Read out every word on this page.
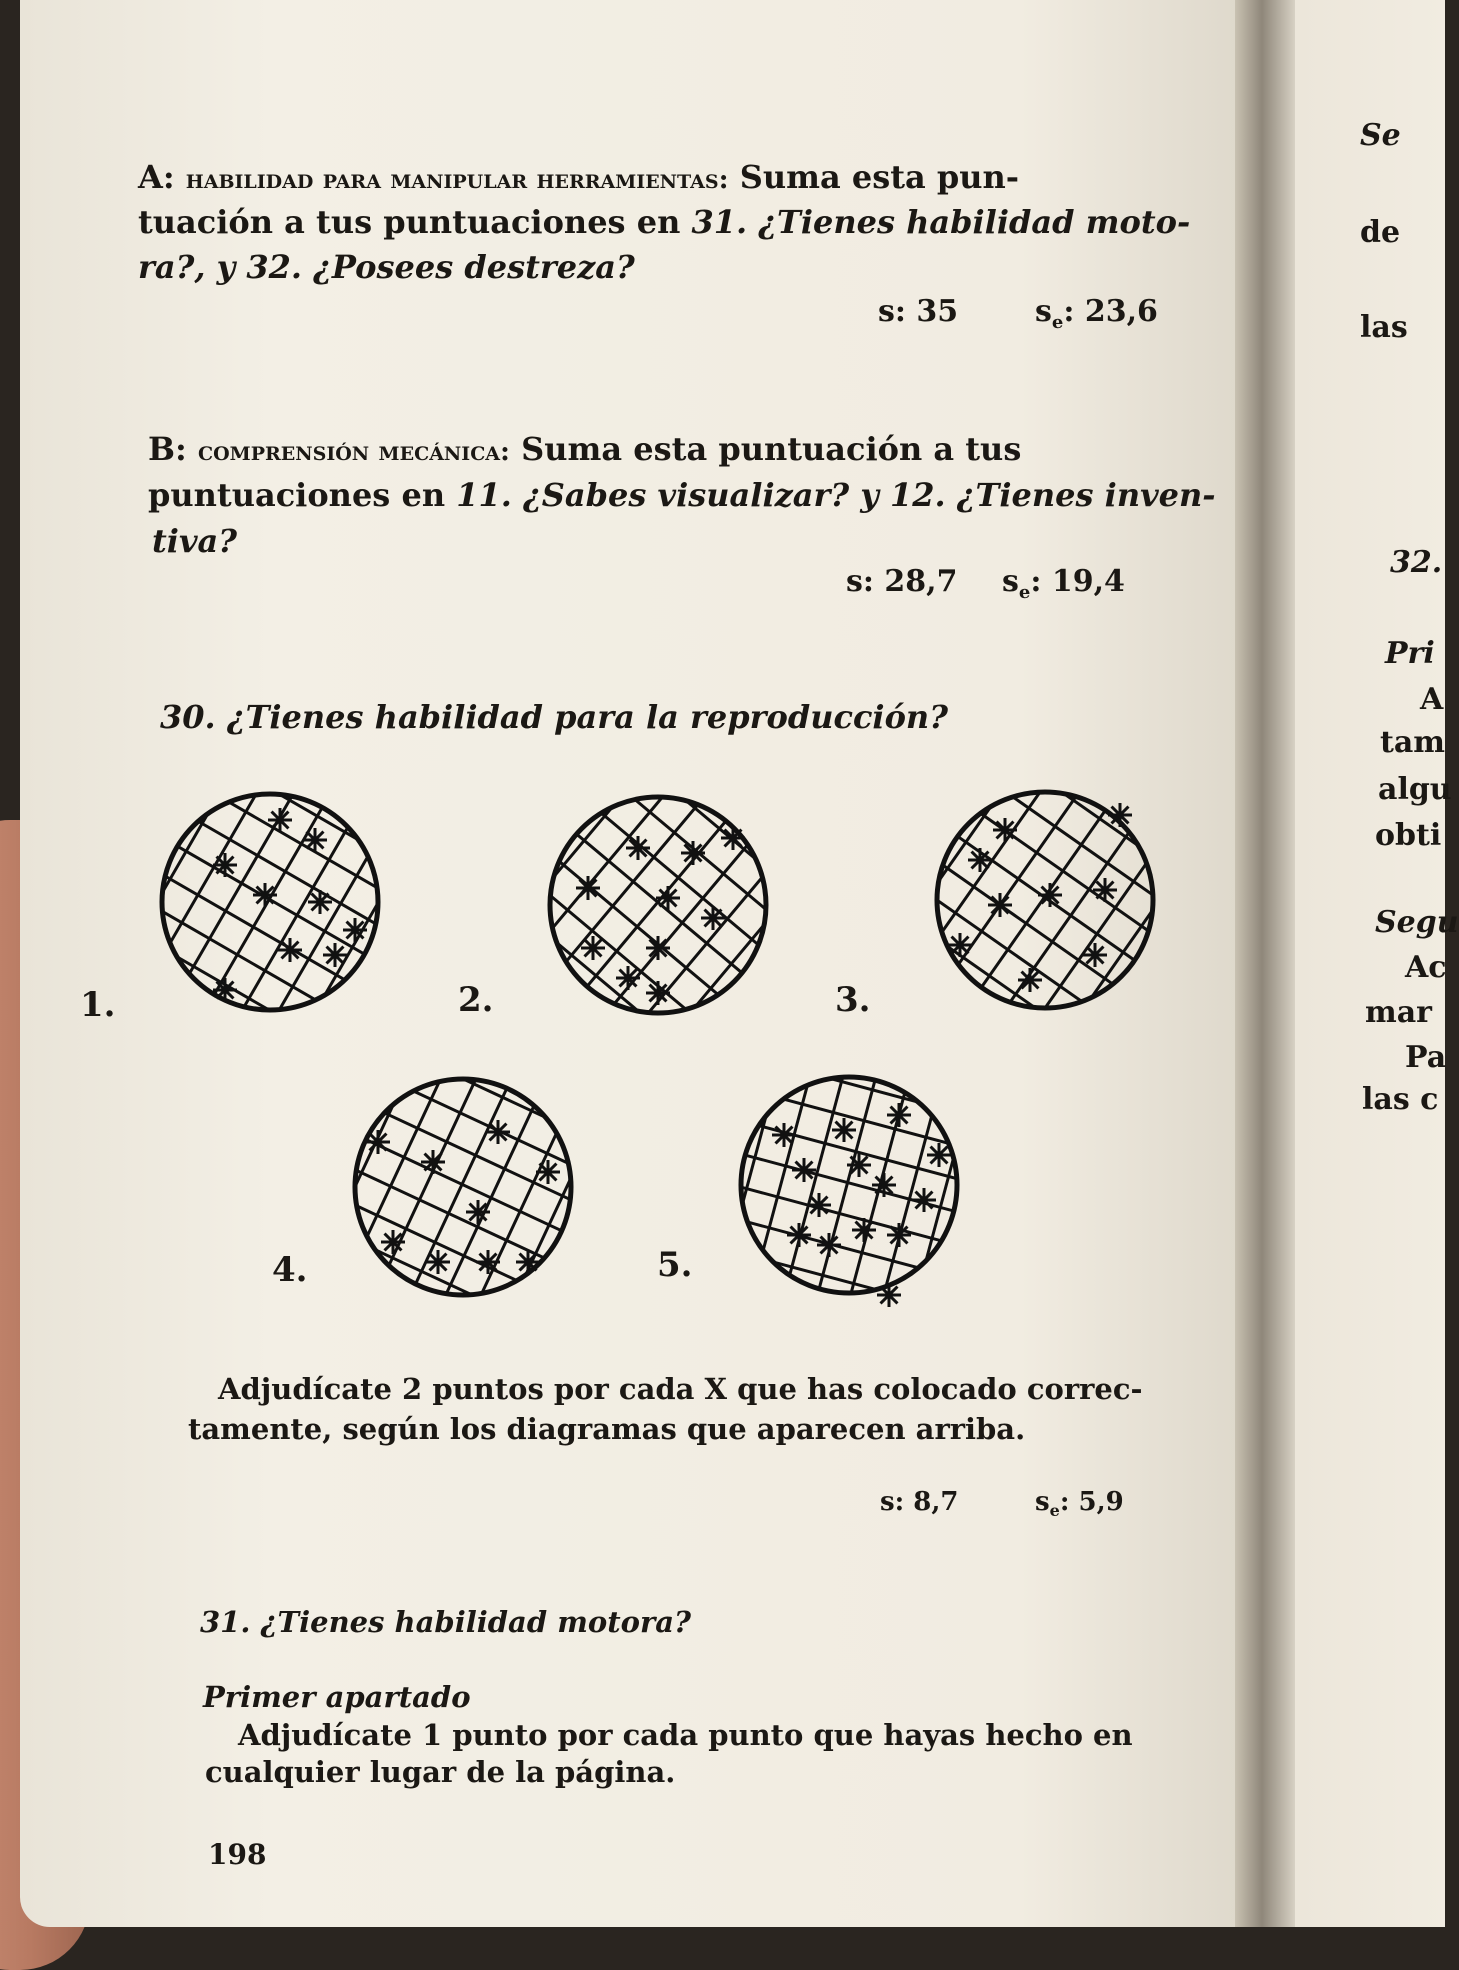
A: habilidad para manipular herramientas: Suma esta pun-
tuación a tus puntuaciones en 31. ¿Tienes habilidad moto-
ra?, y 32. ¿Posees destreza?
s: 35	$s_e$: 23,6
B: comprensión mecánica: Suma esta puntuación a tus
puntuaciones en 11. ¿Sabes visualizar? y 12. ¿Tienes inven-
tiva?
s: 28,7 $s_e$: 19,4
30. ¿Tienes habilidad para la reproducción?
1.	2.	3.
4.	5.
Adjudícate 2 puntos por cada X que has colocado correc-
tamente, según los diagramas que aparecen arriba.
s: 8,7	$s_e$: 5,9
31. ¿Tienes habilidad motora?
Primer apartado
Adjudícate 1 punto por cada punto que hayas hecho en
cualquier lugar de la página.
198
Se
de
las
32.
Pri
A
tam
algu
obti
Segu
Ac
mar
Pa
las c
